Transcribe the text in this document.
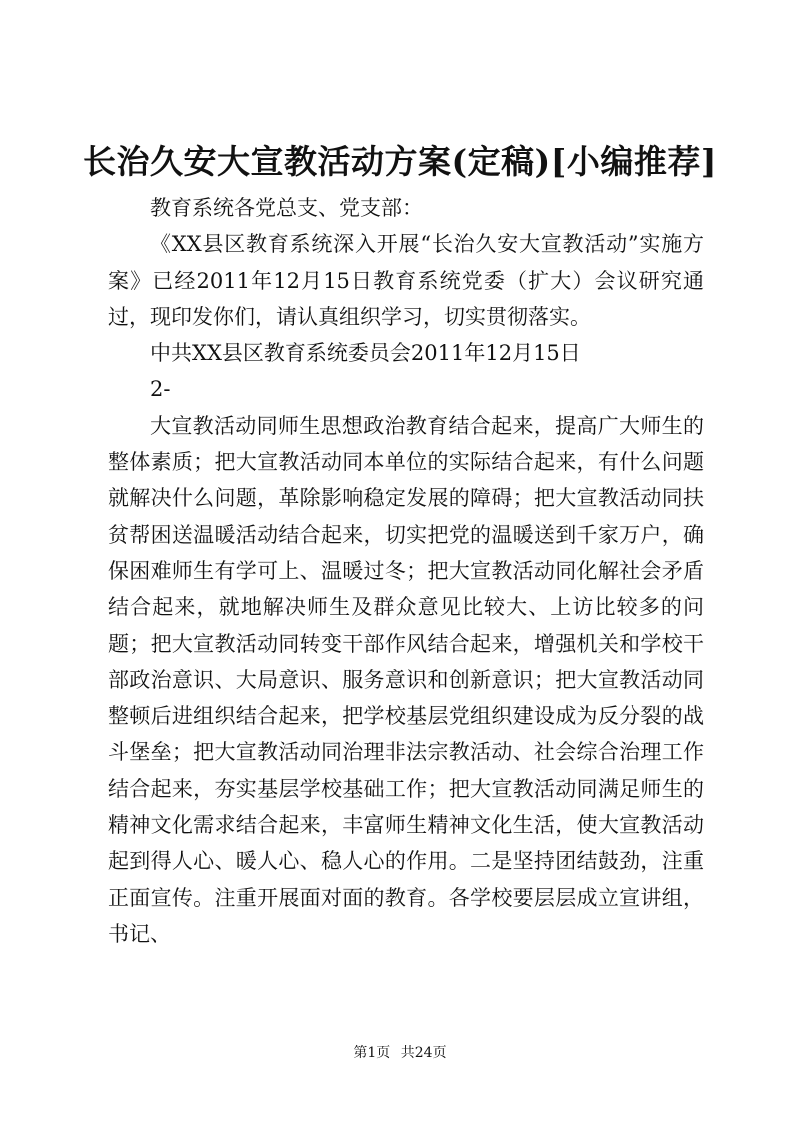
长治久安大宣教活动方案(定稿)[小编推荐]

教育系统各党总支、党支部：

《XX县区教育系统深入开展“长治久安大宣教活动”实施方案》已经2011年12月15日教育系统党委（扩大）会议研究通过，现印发你们，请认真组织学习，切实贯彻落实。

中共XX县区教育系统委员会2011年12月15日

2-

大宣教活动同师生思想政治教育结合起来，提高广大师生的整体素质；把大宣教活动同本单位的实际结合起来，有什么问题就解决什么问题，革除影响稳定发展的障碍；把大宣教活动同扶贫帮困送温暖活动结合起来，切实把党的温暖送到千家万户，确保困难师生有学可上、温暖过冬；把大宣教活动同化解社会矛盾结合起来，就地解决师生及群众意见比较大、上访比较多的问题；把大宣教活动同转变干部作风结合起来，增强机关和学校干部政治意识、大局意识、服务意识和创新意识；把大宣教活动同整顿后进组织结合起来，把学校基层党组织建设成为反分裂的战斗堡垒；把大宣教活动同治理非法宗教活动、社会综合治理工作结合起来，夯实基层学校基础工作；把大宣教活动同满足师生的精神文化需求结合起来，丰富师生精神文化生活，使大宣教活动起到得人心、暖人心、稳人心的作用。二是坚持团结鼓劲，注重正面宣传。注重开展面对面的教育。各学校要层层成立宣讲组，书记、

第1页 共24页
